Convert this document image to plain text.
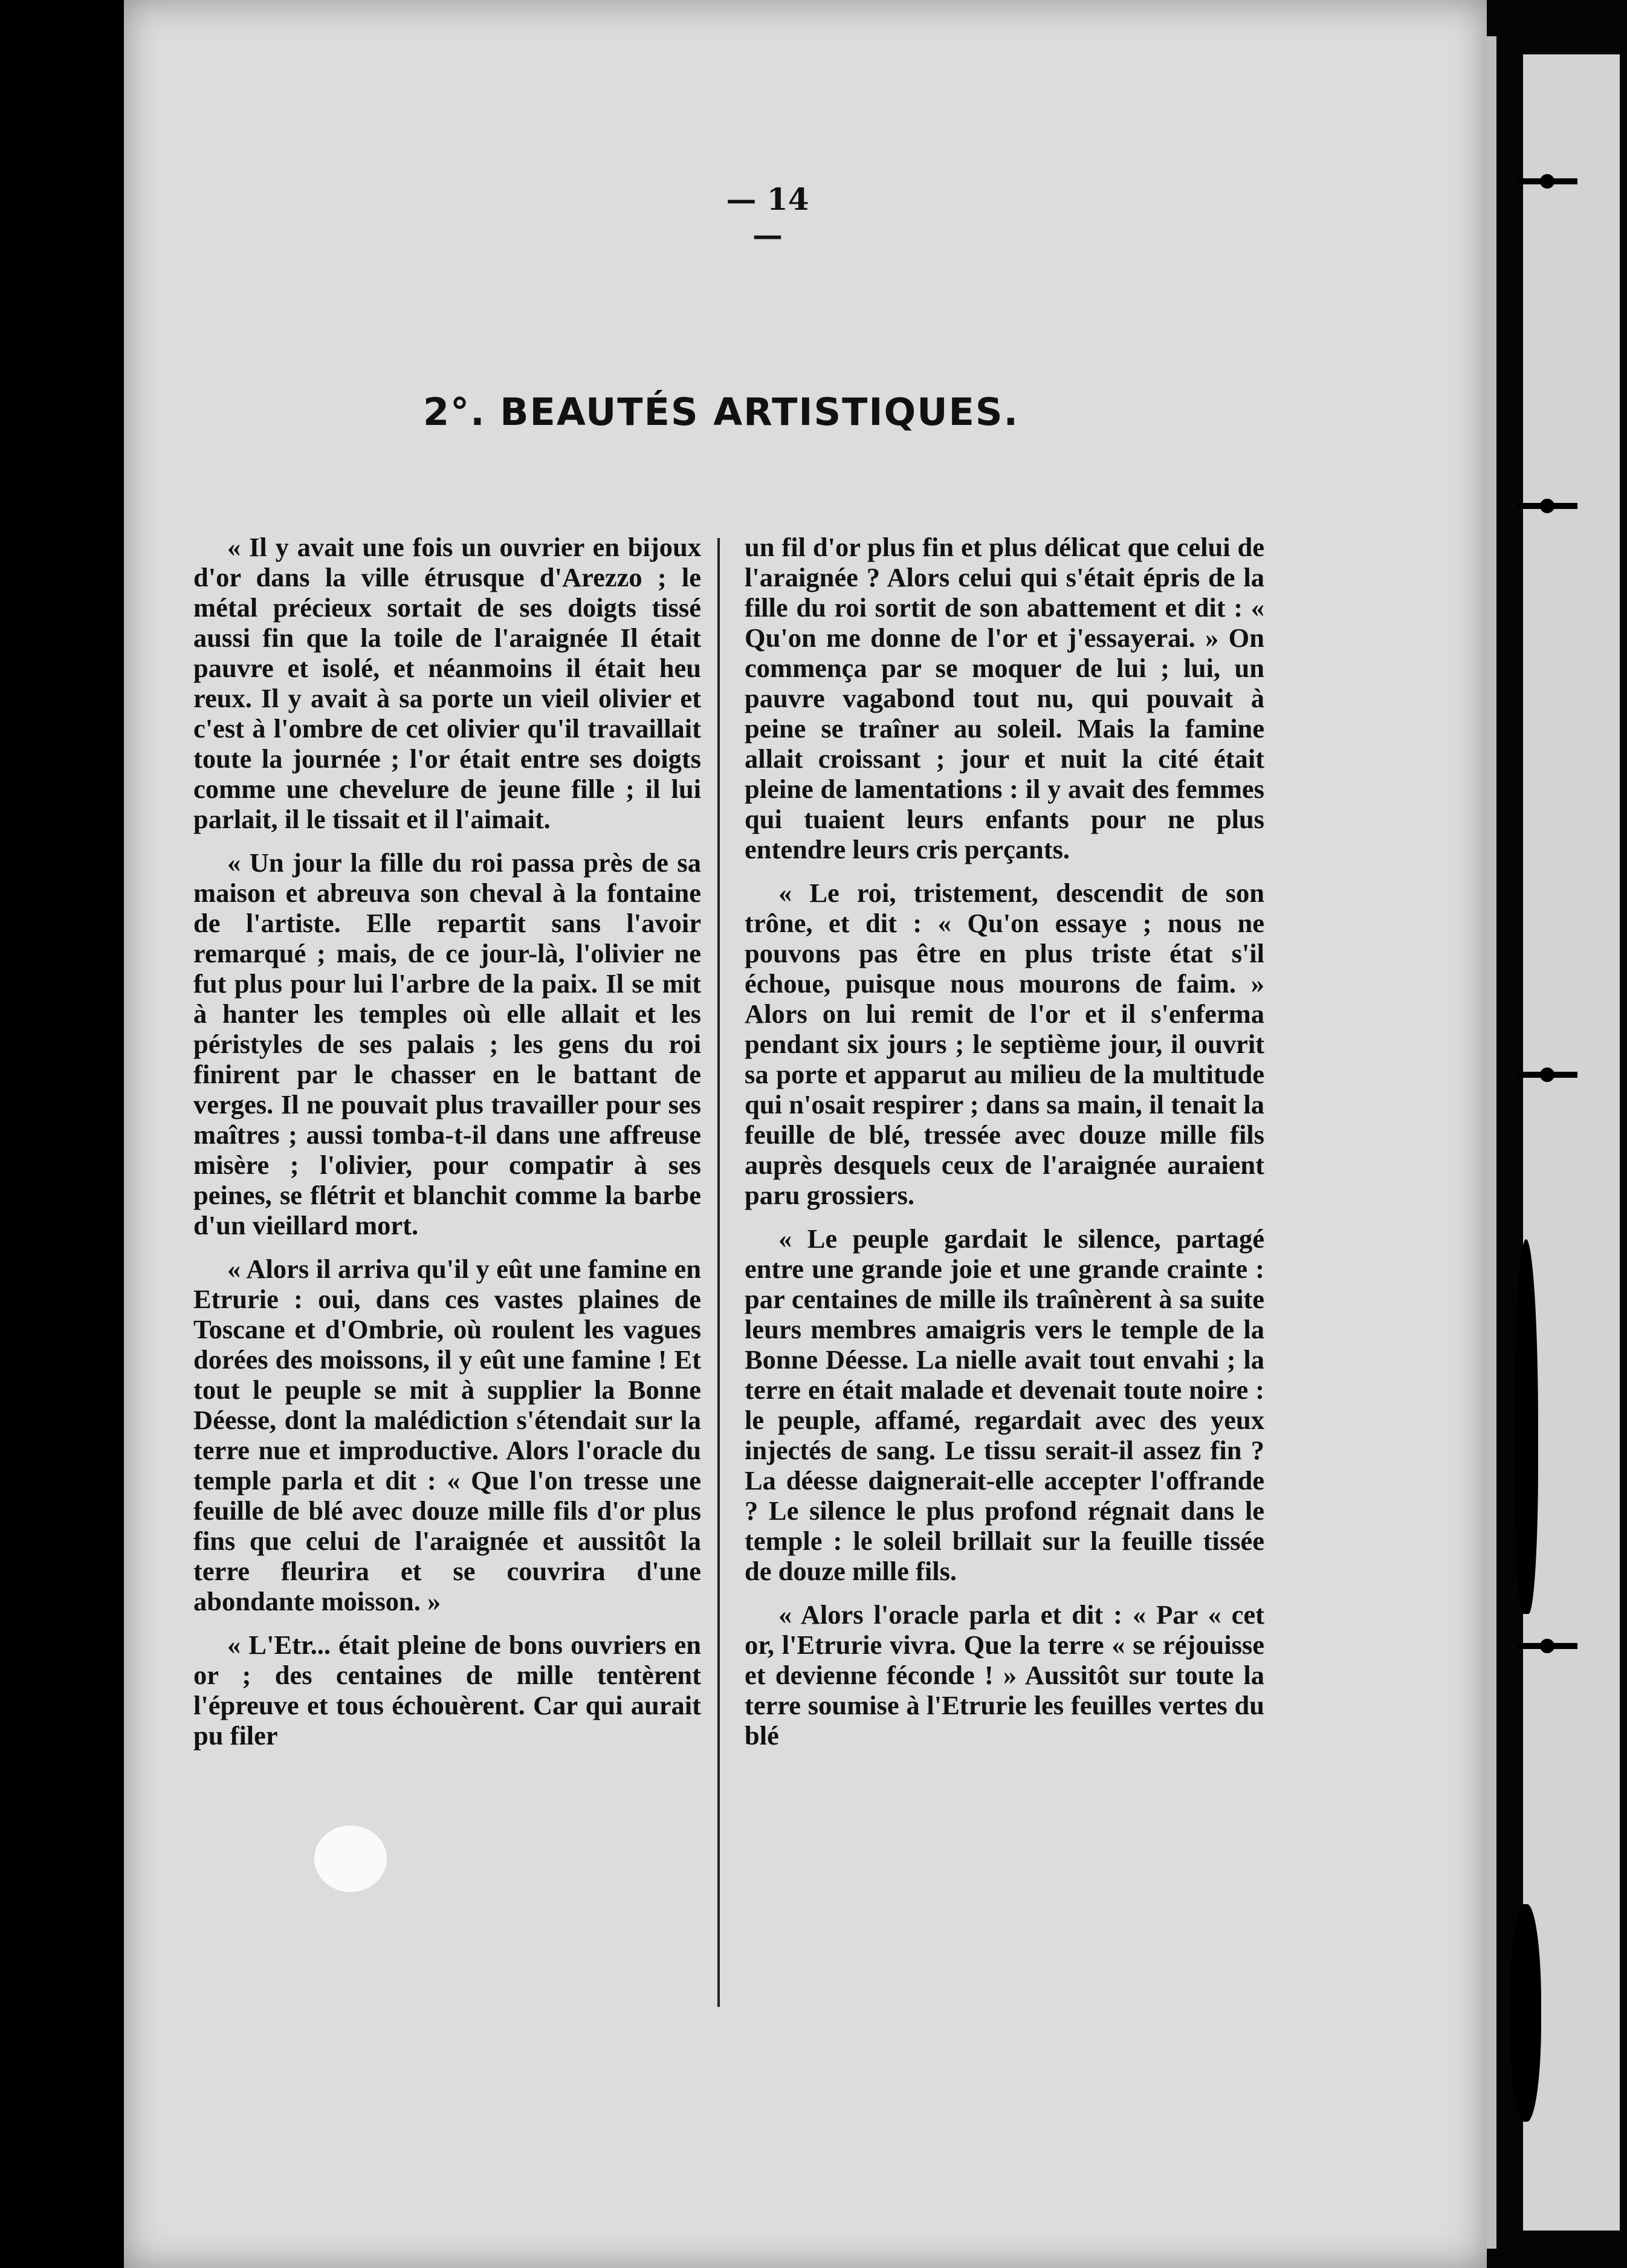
— 14 —
2°. BEAUTÉS ARTISTIQUES.

« Il y avait une fois un ouvrier en bijoux d'or dans la ville étrusque d'Arezzo ; le métal précieux sortait de ses doigts tissé aussi fin que la toile de l'araignée Il était pauvre et isolé, et néanmoins il était heu reux. Il y avait à sa porte un vieil olivier et c'est à l'ombre de cet olivier qu'il travaillait toute la journée ; l'or était entre ses doigts comme une chevelure de jeune fille ; il lui parlait, il le tissait et il l'aimait.

« Un jour la fille du roi passa près de sa maison et abreuva son cheval à la fontaine de l'artiste. Elle repartit sans l'avoir remarqué ; mais, de ce jour-là, l'olivier ne fut plus pour lui l'arbre de la paix. Il se mit à hanter les temples où elle allait et les péristyles de ses palais ; les gens du roi finirent par le chasser en le battant de verges. Il ne pouvait plus travailler pour ses maîtres ; aussi tomba-t-il dans une affreuse misère ; l'olivier, pour compatir à ses peines, se flétrit et blanchit comme la barbe d'un vieillard mort.

« Alors il arriva qu'il y eût une famine en Etrurie : oui, dans ces vastes plaines de Toscane et d'Ombrie, où roulent les vagues dorées des moissons, il y eût une famine ! Et tout le peuple se mit à supplier la Bonne Déesse, dont la malédiction s'étendait sur la terre nue et improductive. Alors l'oracle du temple parla et dit : « Que l'on tresse une feuille de blé avec douze mille fils d'or plus fins que celui de l'araignée et aussitôt la terre fleurira et se couvrira d'une abondante moisson. »

« L'Etr... était pleine de bons ouvriers en or ; des centaines de mille tentèrent l'épreuve et tous échouèrent. Car qui aurait pu filer

un fil d'or plus fin et plus délicat que celui de l'araignée ? Alors celui qui s'était épris de la fille du roi sortit de son abattement et dit : « Qu'on me donne de l'or et j'essayerai. » On commença par se moquer de lui ; lui, un pauvre vagabond tout nu, qui pouvait à peine se traîner au soleil. Mais la famine allait croissant ; jour et nuit la cité était pleine de lamentations : il y avait des femmes qui tuaient leurs enfants pour ne plus entendre leurs cris perçants.

« Le roi, tristement, descendit de son trône, et dit : « Qu'on essaye ; nous ne pouvons pas être en plus triste état s'il échoue, puisque nous mourons de faim. » Alors on lui remit de l'or et il s'enferma pendant six jours ; le septième jour, il ouvrit sa porte et apparut au milieu de la multitude qui n'osait respirer ; dans sa main, il tenait la feuille de blé, tressée avec douze mille fils auprès desquels ceux de l'araignée auraient paru grossiers.

« Le peuple gardait le silence, partagé entre une grande joie et une grande crainte : par centaines de mille ils traînèrent à sa suite leurs membres amaigris vers le temple de la Bonne Déesse. La nielle avait tout envahi ; la terre en était malade et devenait toute noire : le peuple, affamé, regardait avec des yeux injectés de sang. Le tissu serait-il assez fin ? La déesse daignerait-elle accepter l'offrande ? Le silence le plus profond régnait dans le temple : le soleil brillait sur la feuille tissée de douze mille fils.

« Alors l'oracle parla et dit : « Par « cet or, l'Etrurie vivra. Que la terre « se réjouisse et devienne féconde ! » Aussitôt sur toute la terre soumise à l'Etrurie les feuilles vertes du blé
